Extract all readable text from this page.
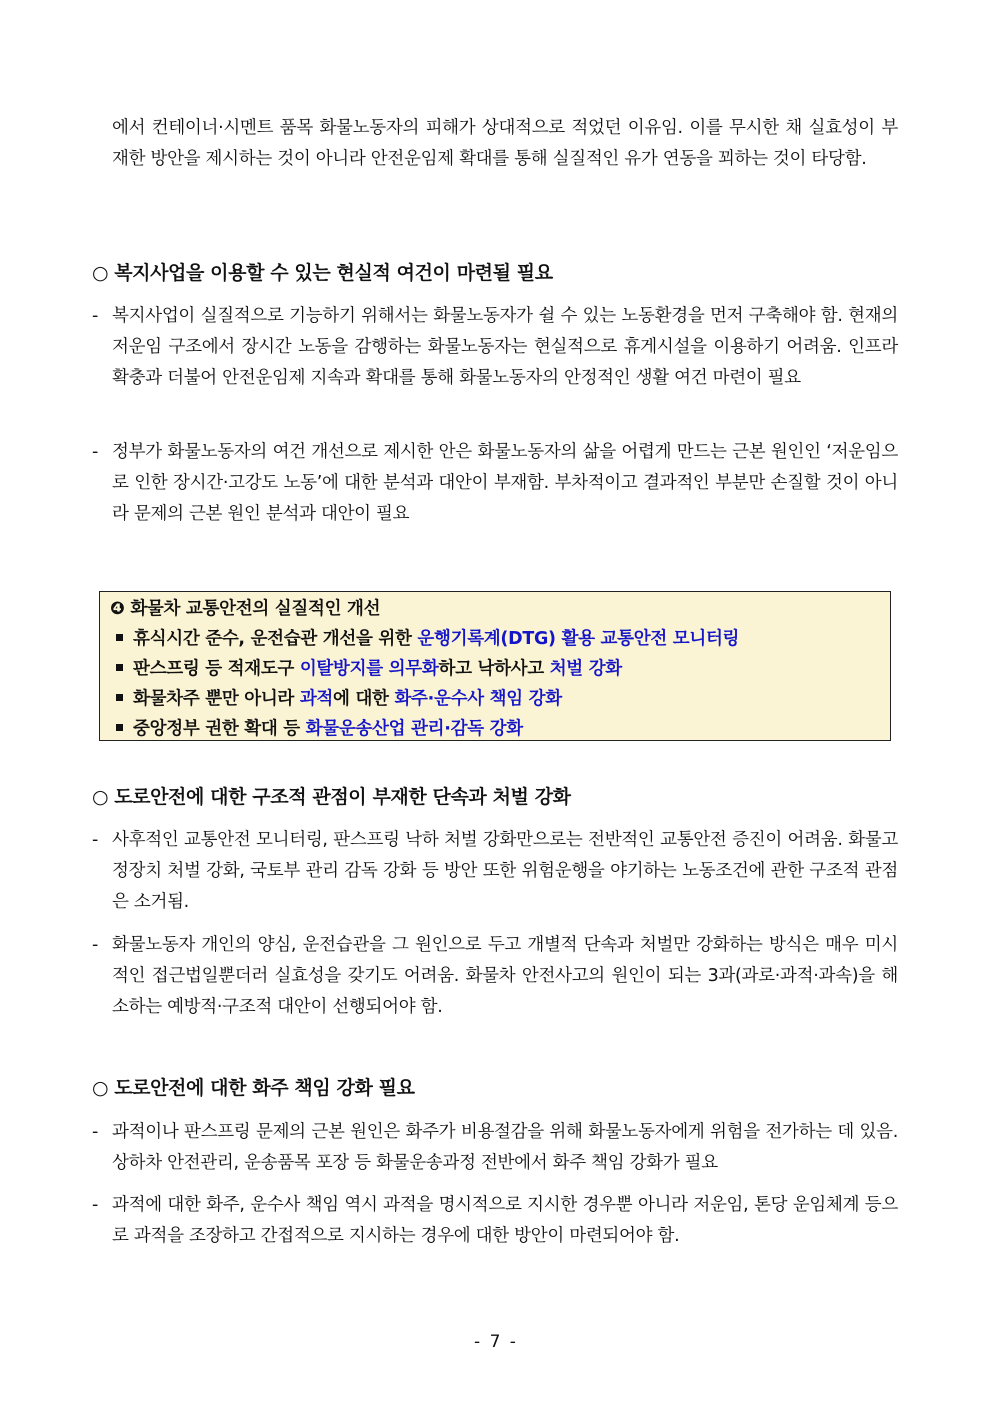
에서 컨테이너·시멘트 품목 화물노동자의 피해가 상대적으로 적었던 이유임. 이를 무시한 채 실효성이 부재한 방안을 제시하는 것이 아니라 안전운임제 확대를 통해 실질적인 유가 연동을 꾀하는 것이 타당함.
○ 복지사업을 이용할 수 있는 현실적 여건이 마련될 필요
- 복지사업이 실질적으로 기능하기 위해서는 화물노동자가 쉴 수 있는 노동환경을 먼저 구축해야 함. 현재의 저운임 구조에서 장시간 노동을 감행하는 화물노동자는 현실적으로 휴게시설을 이용하기 어려움. 인프라 확충과 더불어 안전운임제 지속과 확대를 통해 화물노동자의 안정적인 생활 여건 마련이 필요
- 정부가 화물노동자의 여건 개선으로 제시한 안은 화물노동자의 삶을 어렵게 만드는 근본 원인인 ‘저운임으로 인한 장시간·고강도 노동’에 대한 분석과 대안이 부재함. 부차적이고 결과적인 부분만 손질할 것이 아니라 문제의 근본 원인 분석과 대안이 필요
❹ 화물차 교통안전의 실질적인 개선
휴식시간 준수, 운전습관 개선을 위한 운행기록계(DTG) 활용 교통안전 모니터링
판스프링 등 적재도구 이탈방지를 의무화하고 낙하사고 처벌 강화
화물차주 뿐만 아니라 과적에 대한 화주·운수사 책임 강화
중앙정부 권한 확대 등 화물운송산업 관리·감독 강화
○ 도로안전에 대한 구조적 관점이 부재한 단속과 처벌 강화
- 사후적인 교통안전 모니터링, 판스프링 낙하 처벌 강화만으로는 전반적인 교통안전 증진이 어려움. 화물고정장치 처벌 강화, 국토부 관리 감독 강화 등 방안 또한 위험운행을 야기하는 노동조건에 관한 구조적 관점은 소거됨.
- 화물노동자 개인의 양심, 운전습관을 그 원인으로 두고 개별적 단속과 처벌만 강화하는 방식은 매우 미시적인 접근법일뿐더러 실효성을 갖기도 어려움. 화물차 안전사고의 원인이 되는 3과(과로·과적·과속)을 해소하는 예방적·구조적 대안이 선행되어야 함.
○ 도로안전에 대한 화주 책임 강화 필요
- 과적이나 판스프링 문제의 근본 원인은 화주가 비용절감을 위해 화물노동자에게 위험을 전가하는 데 있음. 상하차 안전관리, 운송품목 포장 등 화물운송과정 전반에서 화주 책임 강화가 필요
- 과적에 대한 화주, 운수사 책임 역시 과적을 명시적으로 지시한 경우뿐 아니라 저운임, 톤당 운임체계 등으로 과적을 조장하고 간접적으로 지시하는 경우에 대한 방안이 마련되어야 함.
- 7 -
